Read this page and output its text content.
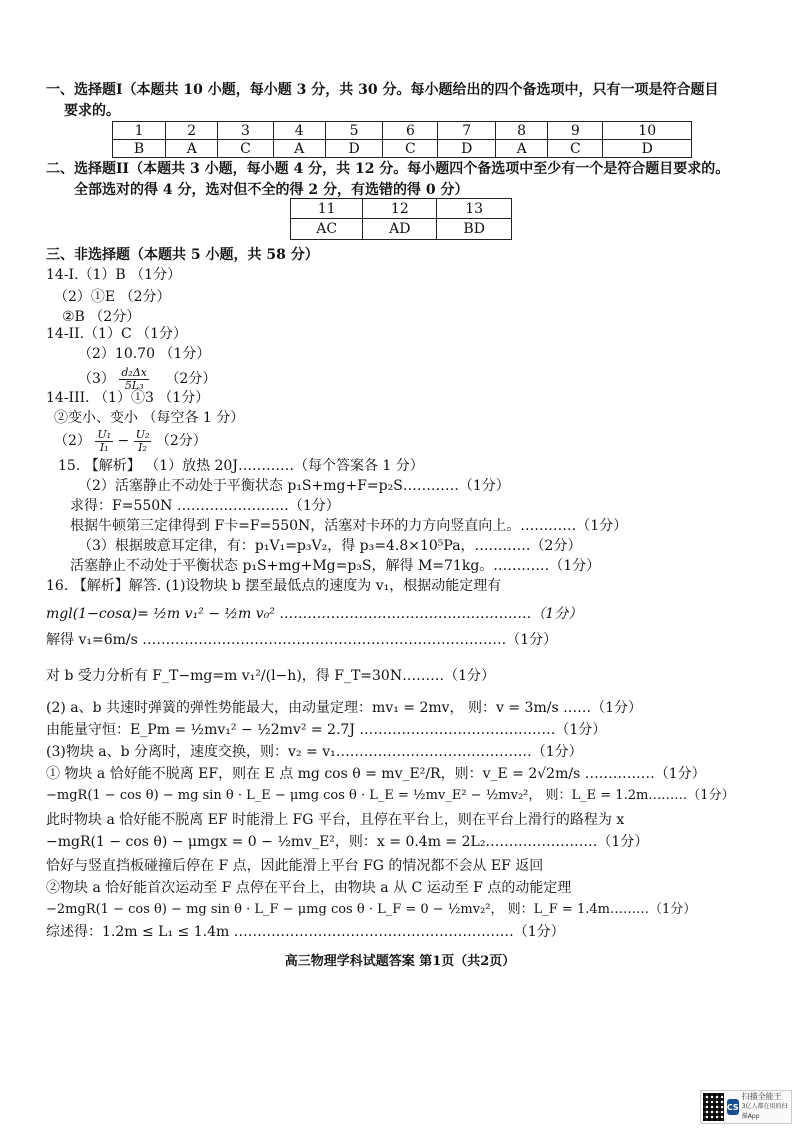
一、选择题I（本题共 10 小题，每小题 3 分，共 30 分。每小题给出的四个备选项中，只有一项是符合题目
要求的。
1	2	3	4	5	6	7	8	9	10
B	A	C	A	D	C	D	A	C	D
二、选择题II（本题共 3 小题，每小题 4 分，共 12 分。每小题四个备选项中至少有一个是符合题目要求的。
全部选对的得 4 分，选对但不全的得 2 分，有选错的得 0 分）
11	12	13
AC	AD	BD
三、非选择题（本题共 5 小题，共 58 分）
14-I.（1）B （1分）
（2）①E （2分）
②B （2分）
14-II.（1）C （1分）
（2）10.70 （1分）
$(3) \frac{\text{d₂Δx}}{\text{5L₃}} (2$分）
14-III. （1）①3 （1分）
②变小、变小 （每空各 1 分）
$(2) \frac{\text{U₁}}{\text{I₁}} - \frac{\text{U₂}}{\text{I₂}} (2$分）
15. 【解析】 （1）放热 20J…………（每个答案各 1 分）
（2）活塞静止不动处于平衡状态 p₁S+mg+F=p₂S…………（1分）
求得：F=550N ……………………（1分）
根据牛顿第三定律得到 F卡=F=550N，活塞对卡环的力方向竖直向上。…………（1分）
（3）根据玻意耳定律，有：p₁V₁=p₃V₂，得 p₃=4.8×10⁵Pa，…………（2分）
活塞静止不动处于平衡状态 p₁S+mg+Mg=p₃S，解得 M=71kg。…………（1分）
16. 【解析】解答. (1)设物块 b 摆至最低点的速度为 v₁，根据动能定理有
mgl(1−cosα)= ½m v₁² − ½m v₀² ………………………………………………（1分）
解得 v₁=6m/s ……………………………………………………………………（1分）
对 b 受力分析有 F_T−mg=m v₁²/(l−h)，得 F_T=30N………（1分）
(2) a、b 共速时弹簧的弹性势能最大，由动量定理：mv₁ = 2mv， 则：v = 3m/s ……（1分）
由能量守恒：E_Pm = ½mv₁² − ½2mv² = 2.7J ……………………………………（1分）
(3)物块 a、b 分离时，速度交换，则：v₂ = v₁……………………………………（1分）
① 物块 a 恰好能不脱离 EF，则在 E 点 mg cos θ = mv_E²/R，则：v_E = 2√2m/s ……………（1分）
−mgR(1 − cos θ) − mg sin θ · L_E − μmg cos θ · L_E = ½mv_E² − ½mv₂²， 则：L_E = 1.2m………（1分）
此时物块 a 恰好能不脱离 EF 时能滑上 FG 平台，且停在平台上，则在平台上滑行的路程为 x
−mgR(1 − cos θ) − μmgx = 0 − ½mv_E²，则：x = 0.4m = 2L₂……………………（1分）
恰好与竖直挡板碰撞后停在 F 点，因此能滑上平台 FG 的情况都不会从 EF 返回
②物块 a 恰好能首次运动至 F 点停在平台上，由物块 a 从 C 运动至 F 点的动能定理
−2mgR(1 − cos θ) − mg sin θ · L_F − μmg cos θ · L_F = 0 − ½mv₂²， 则：L_F = 1.4m………（1分）
综述得：1.2m ≤ L₁ ≤ 1.4m ……………………………………………………（1分）
高三物理学科试题答案 第1页（共2页）
CS
扫描全能王
3亿人都在用的扫描App
